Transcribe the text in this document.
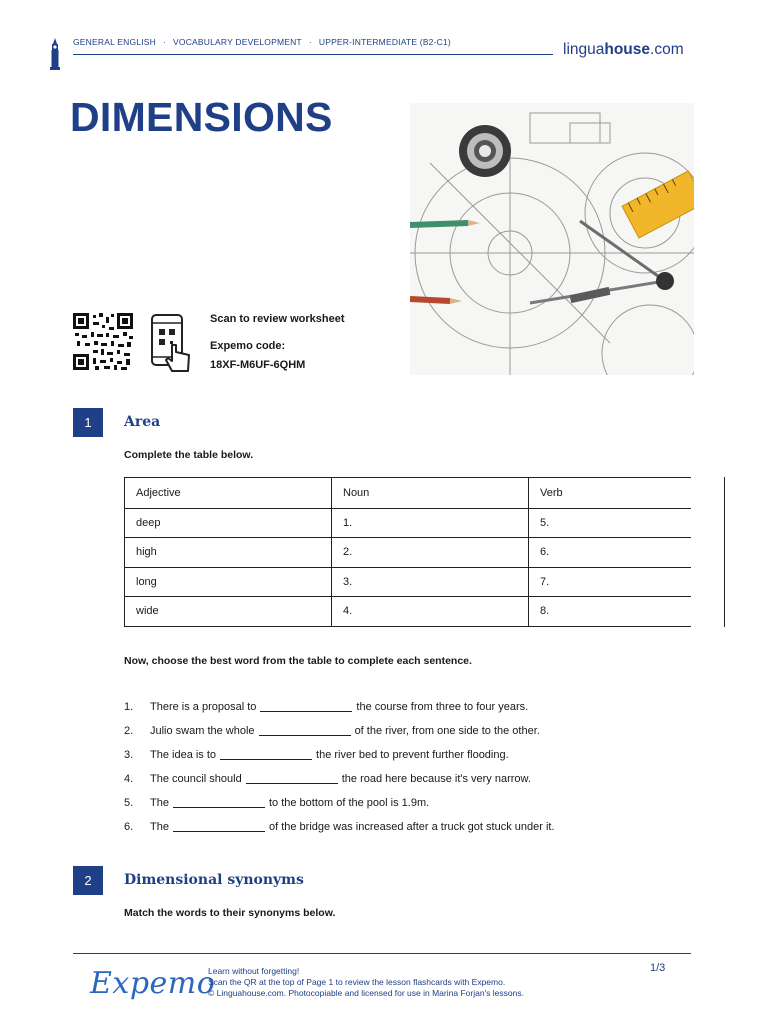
GENERAL ENGLISH · VOCABULARY DEVELOPMENT · UPPER-INTERMEDIATE (B2-C1)	linguahouse.com
DIMENSIONS
Scan to review worksheet
Expemo code:
18XF-M6UF-6QHM
1	Area
Complete the table below.
Adjective	Noun	Verb
deep	1.	5.
high	2.	6.
long	3.	7.
wide	4.	8.
Now, choose the best word from the table to complete each sentence.
1. There is a proposal to	the course from three to four years.
2. Julio swam the whole	of the river, from one side to the other.
3. The idea is to	the river bed to prevent further flooding.
4. The council should	the road here because it's very narrow.
5. The	to the bottom of the pool is 1.9m.
6. The	of the bridge was increased after a truck got stuck under it.
2	Dimensional synonyms
Match the words to their synonyms below.
Expemo
Learn without forgetting!
Scan the QR at the top of Page 1 to review the lesson flashcards with Expemo.
© Linguahouse.com. Photocopiable and licensed for use in Marina Forjan's lessons.
1/3
